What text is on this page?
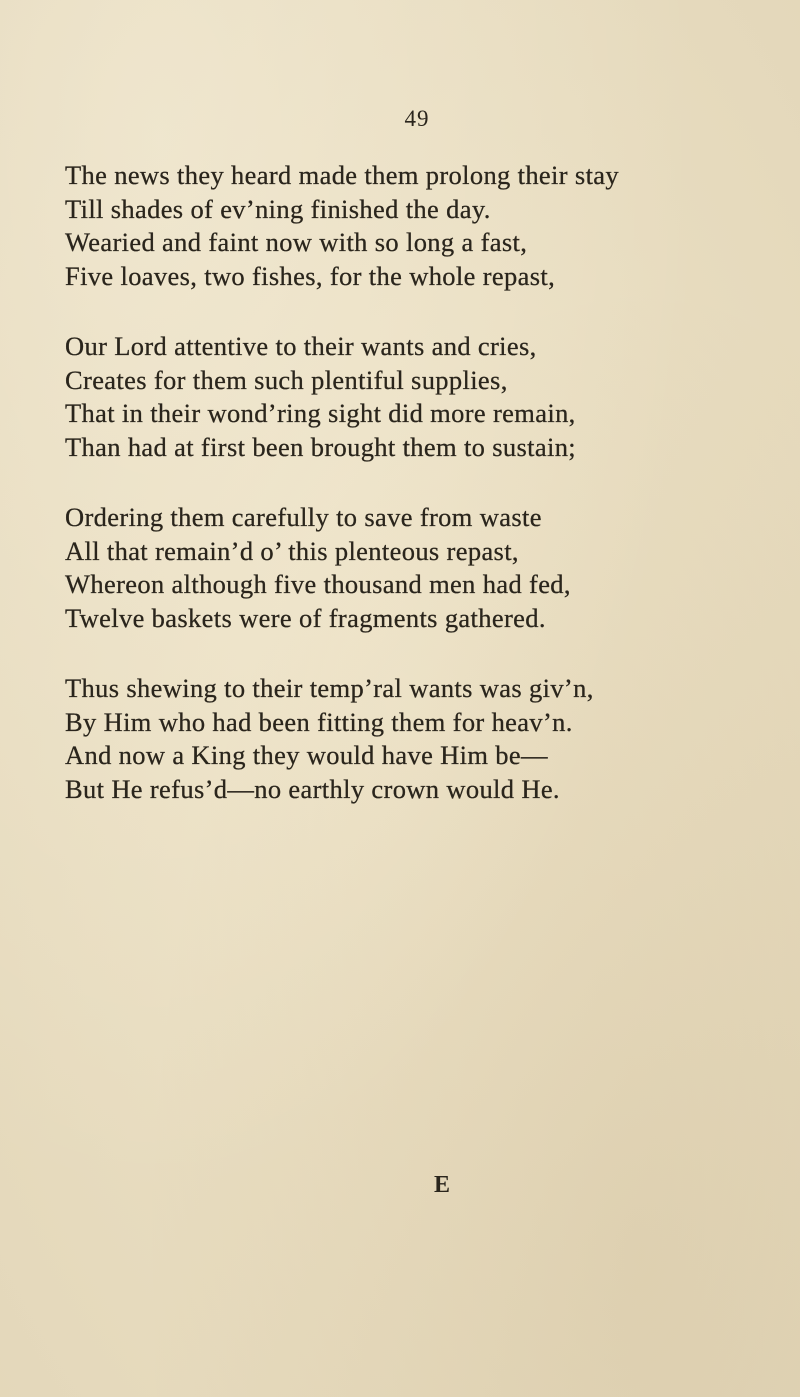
49
The news they heard made them prolong their stay
Till shades of ev’ning finished the day.
Wearied and faint now with so long a fast,
Five loaves, two fishes, for the whole repast,
Our Lord attentive to their wants and cries,
Creates for them such plentiful supplies,
That in their wond’ring sight did more remain,
Than had at first been brought them to sustain;
Ordering them carefully to save from waste
All that remain’d o’ this plenteous repast,
Whereon although five thousand men had fed,
Twelve baskets were of fragments gathered.
Thus shewing to their temp’ral wants was giv’n,
By Him who had been fitting them for heav’n.
And now a King they would have Him be—
But He refus’d—no earthly crown would He.
E
